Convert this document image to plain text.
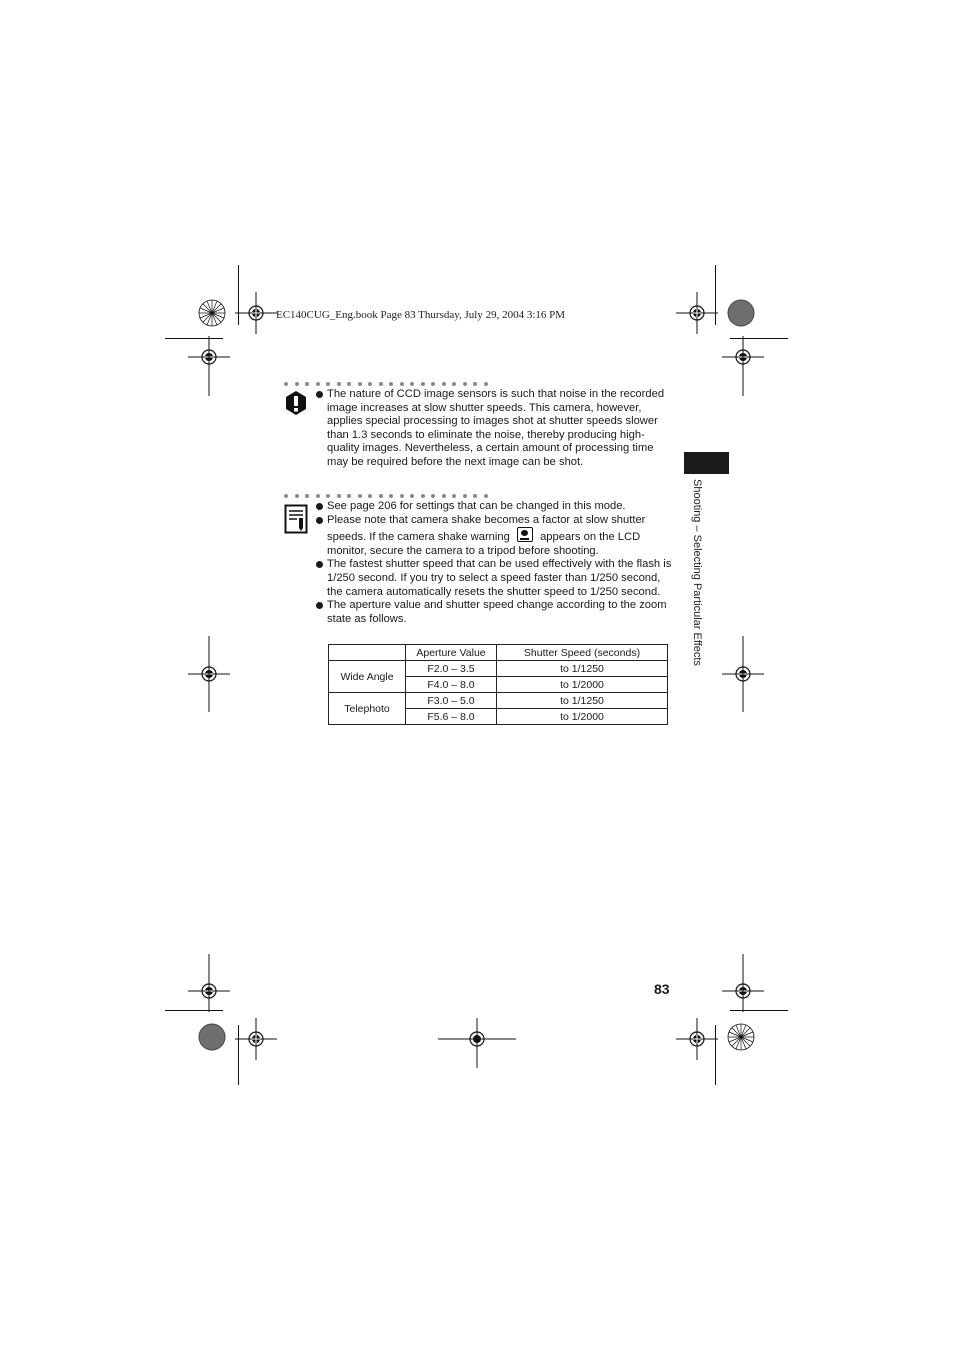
EC140CUG_Eng.book Page 83 Thursday, July 29, 2004 3:16 PM
The nature of CCD image sensors is such that noise in the recorded image increases at slow shutter speeds. This camera, however, applies special processing to images shot at shutter speeds slower than 1.3 seconds to eliminate the noise, thereby producing high-quality images. Nevertheless, a certain amount of processing time may be required before the next image can be shot.
See page 206 for settings that can be changed in this mode.
Please note that camera shake becomes a factor at slow shutter speeds. If the camera shake warning	appears on the LCD monitor, secure the camera to a tripod before shooting.
The fastest shutter speed that can be used effectively with the flash is 1/250 second. If you try to select a speed faster than 1/250 second, the camera automatically resets the shutter speed to 1/250 second.
The aperture value and shutter speed change according to the zoom state as follows.
	Aperture Value	Shutter Speed (seconds)
Wide Angle	F2.0 – 3.5	to 1/1250
	F4.0 – 8.0	to 1/2000
Telephoto	F3.0 – 5.0	to 1/1250
	F5.6 – 8.0	to 1/2000
Shooting – Selecting Particular Effects
83
